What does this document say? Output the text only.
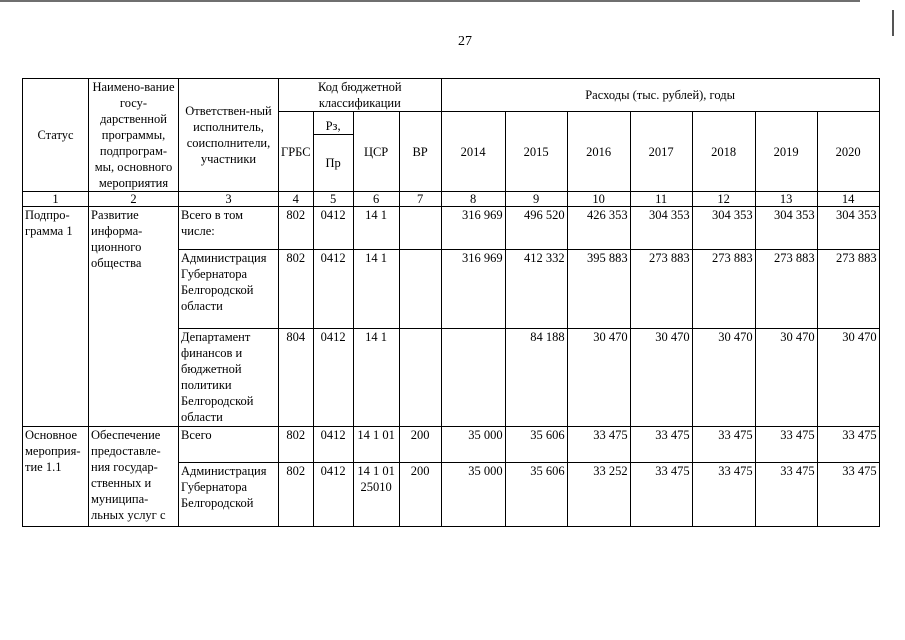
27
Статус	Наимено-вание госу-дарственной программы, подпрограм-мы, основного мероприятия	Ответствен-ный исполнитель, соисполнители, участники	Код бюджетной классификации				Расходы (тыс. рублей), годы						
			ГРБС	Рз,	ЦСР	ВР	2014	2015	2016	2017	2018	2019	2020
				Пр									
1	2	3	4	5	6	7	8	9	10	11	12	13	14
Подпро-грамма 1	Развитие информа-ционного общества	Всего в том числе:	802	0412	14 1		316 969	496 520	426 353	304 353	304 353	304 353	304 353
		Администрация Губернатора Белгородской области	802	0412	14 1		316 969	412 332	395 883	273 883	273 883	273 883	273 883
		Департамент финансов и бюджетной политики Белгородской области	804	0412	14 1			84 188	30 470	30 470	30 470	30 470	30 470
Основное мероприя-тие 1.1	Обеспечение предоставле-ния государ-ственных и муниципа-льных услуг с	Всего	802	0412	14 1 01	200	35 000	35 606	33 475	33 475	33 475	33 475	33 475
		Администрация Губернатора Белгородской	802	0412	14 1 01 25010	200	35 000	35 606	33 252	33 475	33 475	33 475	33 475
